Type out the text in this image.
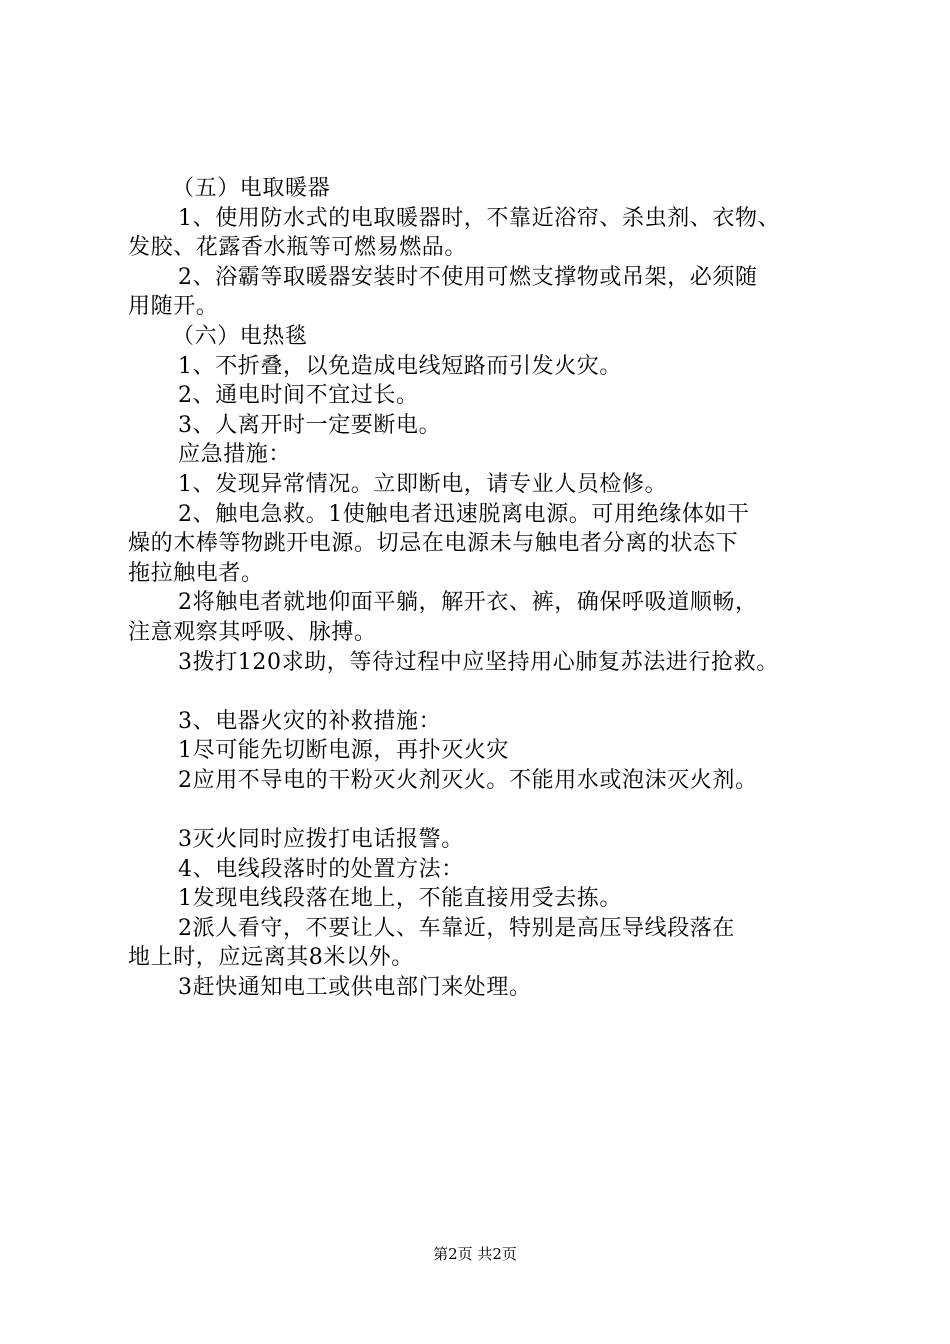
（五）电取暖器
1、使用防水式的电取暖器时，不靠近浴帘、杀虫剂、衣物、
发胶、花露香水瓶等可燃易燃品。
2、浴霸等取暖器安装时不使用可燃支撑物或吊架，必须随
用随开。
（六）电热毯
1、不折叠，以免造成电线短路而引发火灾。
2、通电时间不宜过长。
3、人离开时一定要断电。
应急措施：
1、发现异常情况。立即断电，请专业人员检修。
2、触电急救。1使触电者迅速脱离电源。可用绝缘体如干
燥的木棒等物跳开电源。切忌在电源未与触电者分离的状态下
拖拉触电者。
2将触电者就地仰面平躺，解开衣、裤，确保呼吸道顺畅，
注意观察其呼吸、脉搏。
3拨打120求助，等待过程中应坚持用心肺复苏法进行抢救。
3、电器火灾的补救措施：
1尽可能先切断电源，再扑灭火灾
2应用不导电的干粉灭火剂灭火。不能用水或泡沫灭火剂。
3灭火同时应拨打电话报警。
4、电线段落时的处置方法：
1发现电线段落在地上，不能直接用受去拣。
2派人看守，不要让人、车靠近，特别是高压导线段落在
地上时，应远离其8米以外。
3赶快通知电工或供电部门来处理。
第2页 共2页
